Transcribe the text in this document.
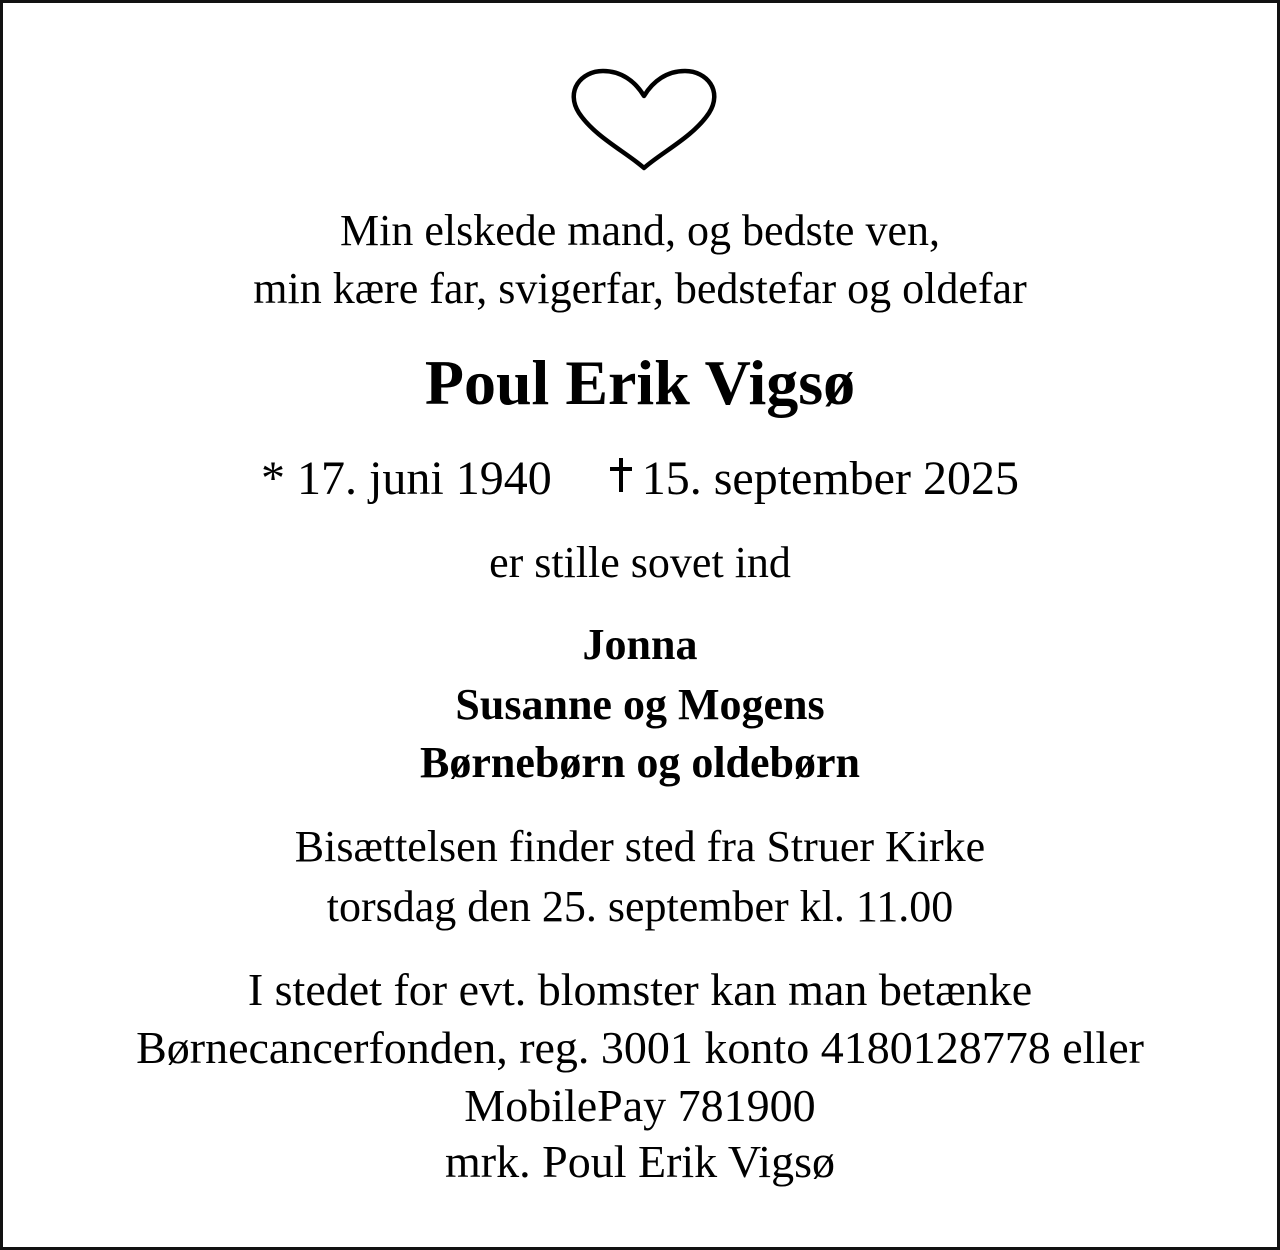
Min elskede mand, og bedste ven,

min kære far, svigerfar, bedstefar og oldefar

Poul Erik Vigsø

* 17. juni 1940 15. september 2025

er stille sovet ind

Jonna

Susanne og Mogens

Børnebørn og oldebørn

Bisættelsen finder sted fra Struer Kirke

torsdag den 25. september kl. 11.00

I stedet for evt. blomster kan man betænke

Børnecancerfonden, reg. 3001 konto 4180128778 eller

MobilePay 781900

mrk. Poul Erik Vigsø
